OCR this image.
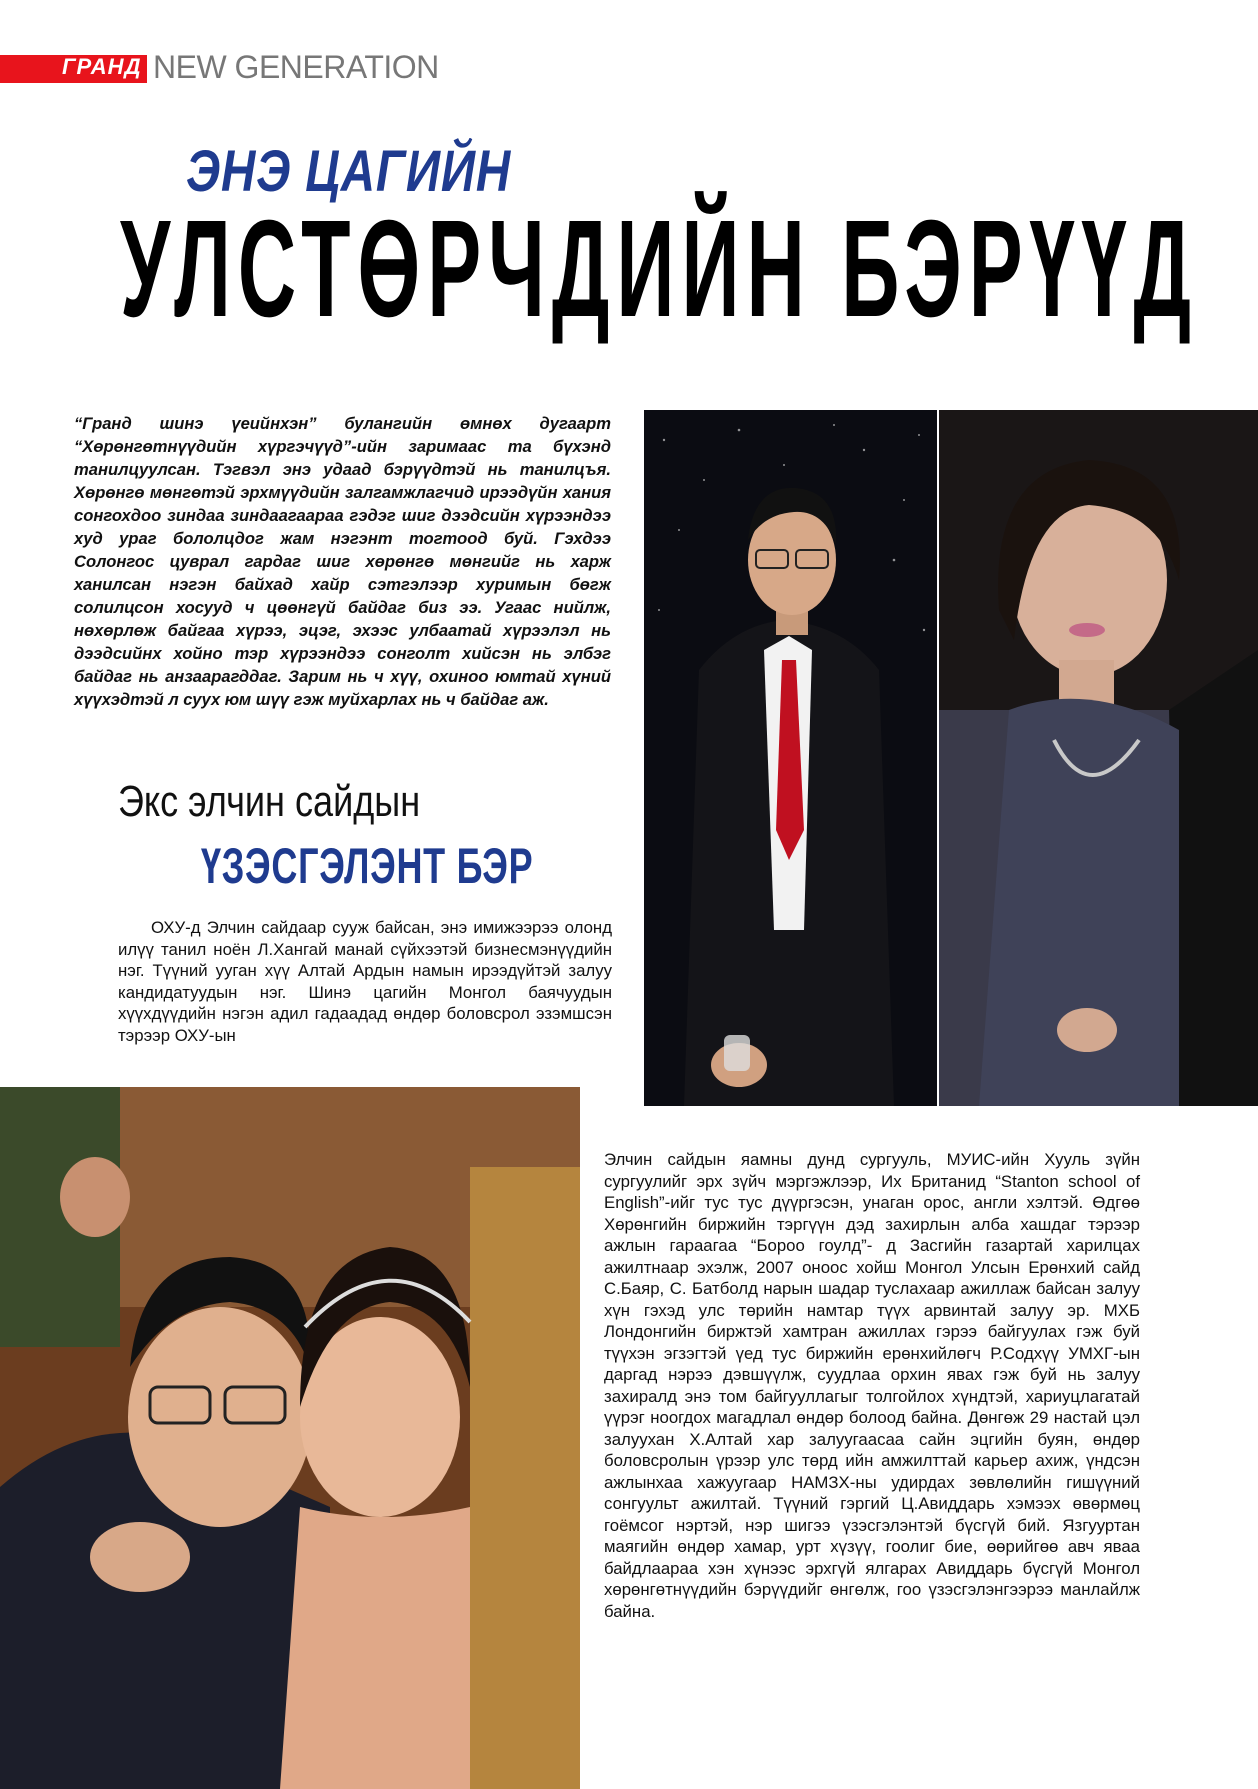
ГРАНД NEW GENERATION
ЭНЭ ЦАГИЙН
УЛСТӨРЧДИЙН БЭРҮҮД

“Гранд шинэ үеийнхэн” булангийн өмнөх дугаарт “Хөрөнгөтнүүдийн хүргэчүүд”-ийн заримаас та бүхэнд танилцуулсан. Тэгвэл энэ удаад бэрүүдтэй нь танилцъя. Хөрөнгө мөнгөтэй эрхмүүдийн залгамжлагчид ирээдүйн хания сонгохдоо зиндаа зиндаагаараа гэдэг шиг дээдсийн хүрээндээ худ ураг бололцдог жам нэгэнт тогтоод буй. Гэхдээ Солонгос цуврал гардаг шиг хөрөнгө мөнгийг нь харж ханилсан нэгэн байхад хайр сэтгэлээр хуримын бөгж солилцсон хосууд ч цөөнгүй байдаг биз ээ. Угаас нийлж, нөхөрлөж байгаа хүрээ, эцэг, эхээс улбаатай хүрээлэл нь дээдсийнх хойно тэр хүрээндээ сонголт хийсэн нь элбэг байдаг нь анзаарагддаг. Зарим нь ч хүү, охиноо юмтай хүний хүүхэдтэй л суух юм шүү гэж муйхарлах нь ч байдаг аж.

Экс элчин сайдын
ҮЗЭСГЭЛЭНТ БЭР

ОХУ-д Элчин сайдаар сууж байсан, энэ имижээрээ олонд илүү танил ноён Л.Хангай манай сүйхээтэй бизнесмэнүүдийн нэг. Түүний ууган хүү Алтай Ардын намын ирээдүйтэй залуу кандидатуудын нэг. Шинэ цагийн Монгол баячуудын хүүхдүүдийн нэгэн адил гадаадад өндөр боловсрол эзэмшсэн тэрээр ОХУ-ын

Элчин сайдын яамны дунд сургууль, МУИС-ийн Хууль зүйн сургуулийг эрх зүйч мэргэжлээр, Их Британид “Stanton school of English”-ийг тус тус дүүргэсэн, унаган орос, англи хэлтэй. Өдгөө Хөрөнгийн биржийн тэргүүн дэд захирлын алба хашдаг тэрээр ажлын гараагаа “Бороо гоулд”- д Засгийн газартай харилцах ажилтнаар эхэлж, 2007 оноос хойш Монгол Улсын Ерөнхий сайд С.Баяр, С. Батболд нарын шадар туслахаар ажиллаж байсан залуу хүн гэхэд улс төрийн намтар түүх арвинтай залуу эр. МХБ Лондонгийн биржтэй хамтран ажиллах гэрээ байгуулах гэж буй түүхэн эгзэгтэй үед тус биржийн ерөнхийлөгч Р.Содхүү УМХГ-ын даргад нэрээ дэвшүүлж, суудлаа орхин явах гэж буй нь залуу захиралд энэ том байгууллагыг толгойлох хүндтэй, хариуцлагатай үүрэг ноогдох магадлал өндөр болоод байна. Дөнгөж 29 настай цэл залуухан Х.Алтай хар залуугаасаа сайн эцгийн буян, өндөр боловсролын үрээр улс төрд ийн амжилттай карьер ахиж, үндсэн ажлынхаа хажуугаар НАМЗХ-ны удирдах зөвлөлийн гишүүний сонгуульт ажилтай. Түүний гэргий Ц.Авиддарь хэмээх өвөрмөц гоёмсог нэртэй, нэр шигээ үзэсгэлэнтэй бүсгүй бий. Язгууртан маягийн өндөр хамар, урт хүзүү, гоолиг бие, өөрийгөө авч яваа байдлаараа хэн хүнээс эрхгүй ялгарах Авиддарь бүсгүй Монгол хөрөнгөтнүүдийн бэрүүдийг өнгөлж, гоо үзэсгэлэнгээрээ манлайлж байна.
